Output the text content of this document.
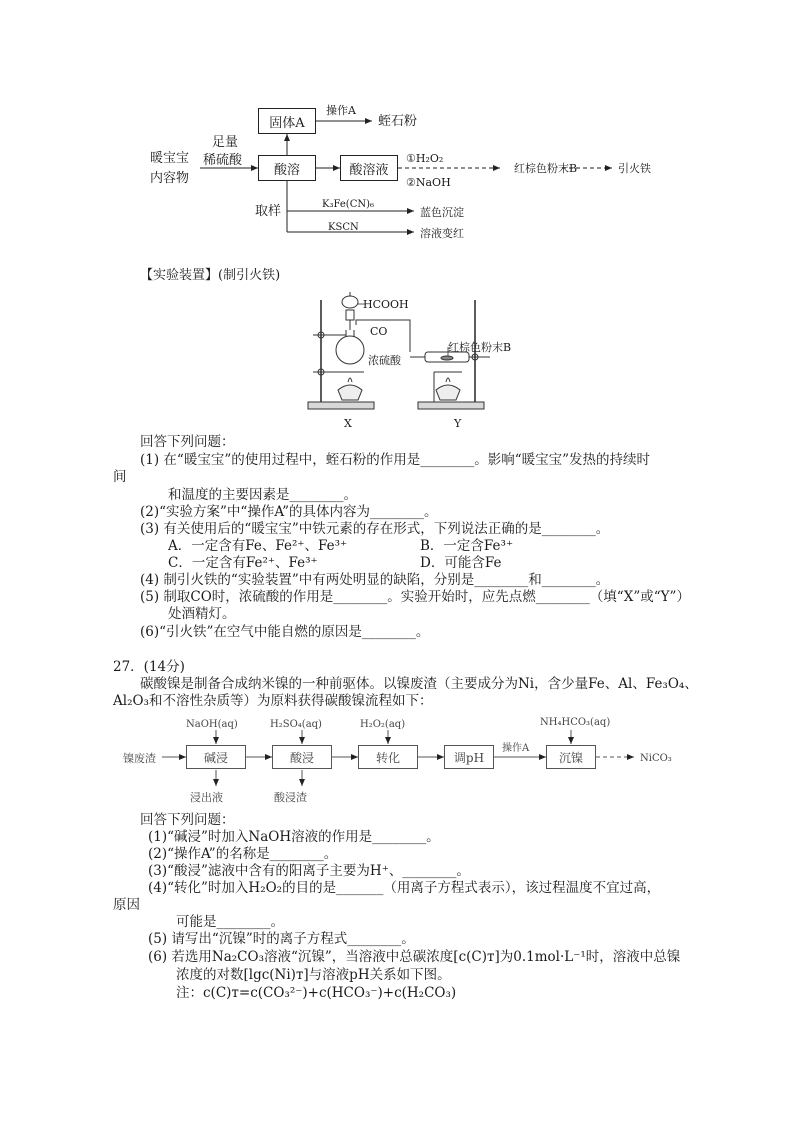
固体A
酸溶	酸溶液
暖宝宝
内容物
足量
稀硫酸
操作A
蛭石粉
①H₂O₂
②NaOH
红棕色粉末B	引火铁
取样	K₃Fe(CN)₆
蓝色沉淀
KSCN	溶液变红
【实验装置】(制引火铁)
HCOOH
CO
浓硫酸
红棕色粉末B
X	Y
回答下列问题：
(1) 在“暖宝宝”的使用过程中，蛭石粉的作用是________。影响“暖宝宝”发热的持续时
间
和温度的主要因素是________。
(2)“实验方案”中“操作A”的具体内容为________。
(3) 有关使用后的“暖宝宝”中铁元素的存在形式，下列说法正确的是________。
A．一定含有Fe、Fe²⁺、Fe³⁺	B．一定含Fe³⁺
C．一定含有Fe²⁺、Fe³⁺	D．可能含Fe
(4) 制引火铁的“实验装置”中有两处明显的缺陷，分别是________和________。
(5) 制取CO时，浓硫酸的作用是________。实验开始时，应先点燃________（填“X”或“Y”）
处酒精灯。
(6)“引火铁”在空气中能自燃的原因是________。
27．(14分)
碳酸镍是制备合成纳米镍的一种前驱体。以镍废渣（主要成分为Ni，含少量Fe、Al、Fe₃O₄、
Al₂O₃和不溶性杂质等）为原料获得碳酸镍流程如下：
镍废渣
NaOH(aq)	H₂SO₄(aq)	H₂O₂(aq)	NH₄HCO₃(aq)
碱浸	酸浸	转化	调pH	沉镍
操作A
NiCO₃
浸出液	酸浸渣
回答下列问题：
(1)“碱浸”时加入NaOH溶液的作用是________。
(2)“操作A”的名称是________。
(3)“酸浸”滤液中含有的阳离子主要为H⁺、________。
(4)“转化”时加入H₂O₂的目的是_______（用离子方程式表示），该过程温度不宜过高，
原因
可能是________。
(5) 请写出“沉镍”时的离子方程式________。
(6) 若选用Na₂CO₃溶液“沉镍”，当溶液中总碳浓度[c(C)ᴛ]为0.1mol·L⁻¹时，溶液中总镍
浓度的对数[lgc(Ni)ᴛ]与溶液pH关系如下图。
注：c(C)ᴛ=c(CO₃²⁻)+c(HCO₃⁻)+c(H₂CO₃)
